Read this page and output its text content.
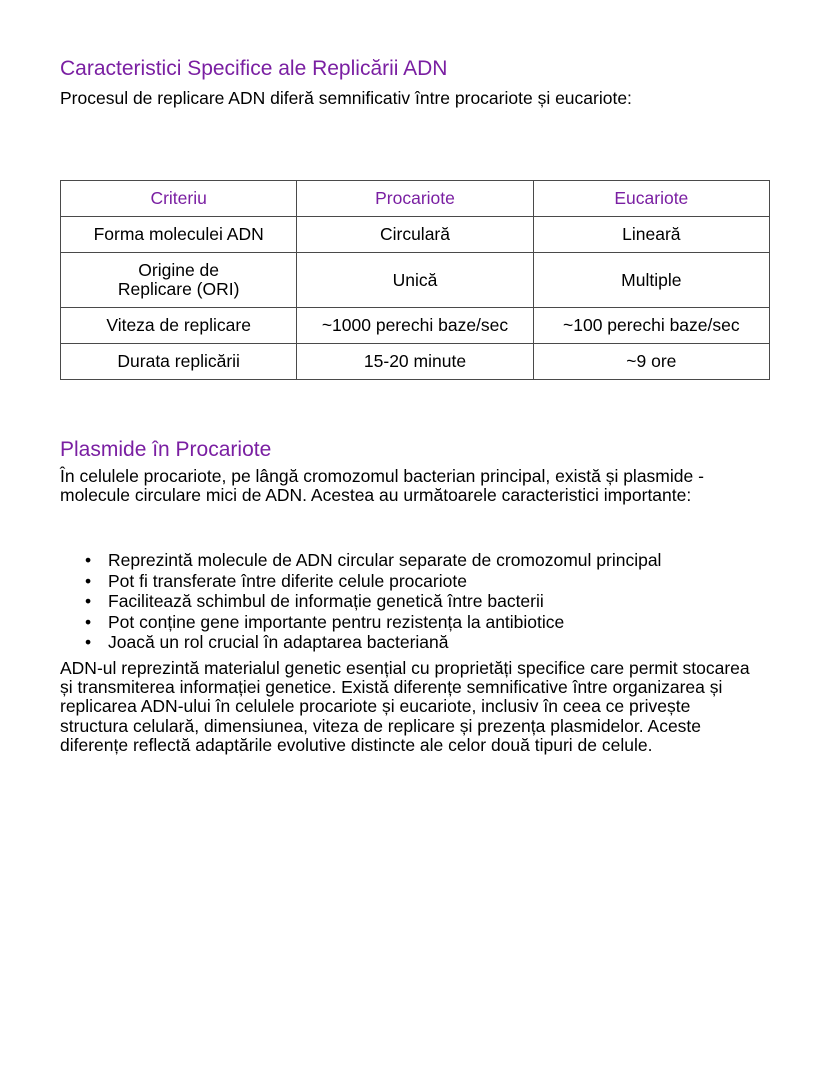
Caracteristici Specifice ale Replicării ADN

Procesul de replicare ADN diferă semnificativ între procariote și eucariote:

Criteriu	Procariote	Eucariote
Forma moleculei ADN	Circulară	Lineară
Origine de Replicare (ORI)	Unică	Multiple
Viteza de replicare	~1000 perechi baze/sec	~100 perechi baze/sec
Durata replicării	15-20 minute	~9 ore
Plasmide în Procariote

În celulele procariote, pe lângă cromozomul bacterian principal, există și plasmide - molecule circulare mici de ADN. Acestea au următoarele caracteristici importante:

• Reprezintă molecule de ADN circular separate de cromozomul principal
• Pot fi transferate între diferite celule procariote
• Facilitează schimbul de informație genetică între bacterii
• Pot conține gene importante pentru rezistența la antibiotice
• Joacă un rol crucial în adaptarea bacteriană

ADN-ul reprezintă materialul genetic esențial cu proprietăți specifice care permit stocarea și transmiterea informației genetice. Există diferențe semnificative între organizarea și replicarea ADN-ului în celulele procariote și eucariote, inclusiv în ceea ce privește structura celulară, dimensiunea, viteza de replicare și prezența plasmidelor. Aceste diferențe reflectă adaptările evolutive distincte ale celor două tipuri de celule.
